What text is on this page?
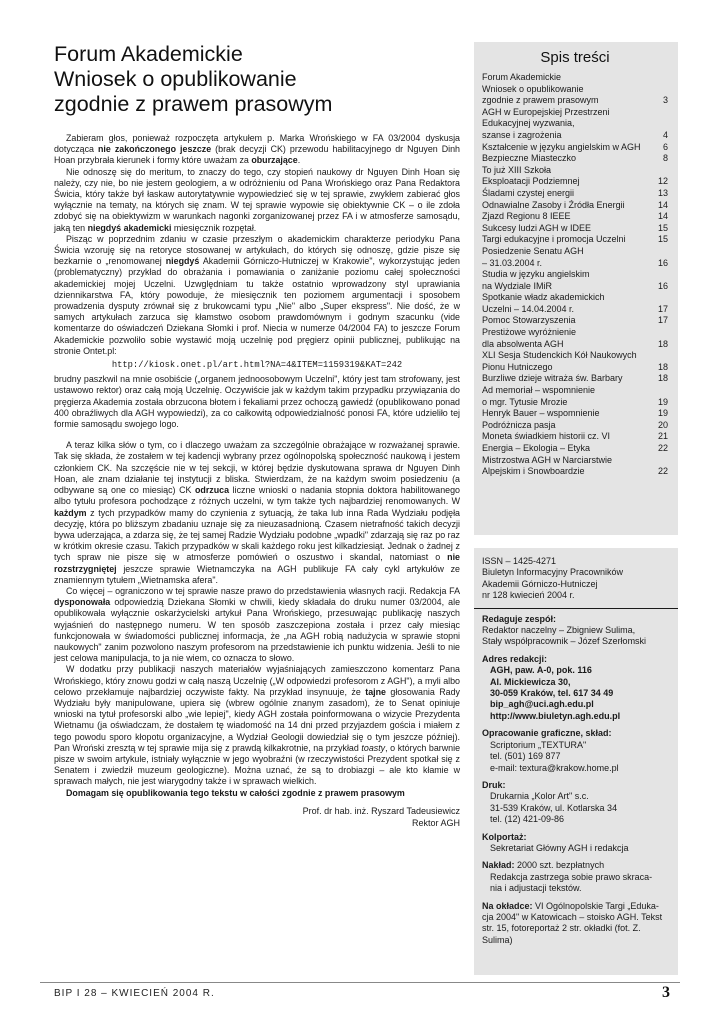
Forum Akademickie
Wniosek o opublikowanie
zgodnie z prawem prasowym

Zabieram głos, ponieważ rozpoczęta artykułem p. Marka Wrońskiego w FA 03/2004 dyskusja dotycząca nie zakończonego jeszcze (brak decyzji CK) przewodu habilitacyjnego dr Nguyen Dinh Hoan przybrała kierunek i formy które uważam za oburzające.

Nie odnoszę się do meritum, to znaczy do tego, czy stopień naukowy dr Nguyen Dinh Hoan się należy, czy nie, bo nie jestem geologiem, a w odróżnieniu od Pana Wrońskiego oraz Pana Redaktora Świcia, który także był łaskaw autorytatywnie wypowiedzieć się w tej sprawie, zwykłem zabierać głos wyłącznie na tematy, na których się znam. W tej sprawie wypowie się obiektywnie CK – o ile zdoła zdobyć się na obiektywizm w warunkach nagonki zorganizowanej przez FA i w atmosferze samosądu, jaką ten niegdyś akademicki miesięcznik rozpętał.

Pisząc w poprzednim zdaniu w czasie przeszłym o akademickim charakterze periodyku Pana Świcia wzoruję się na retoryce stosowanej w artykułach, do których się odnoszę, gdzie pisze się bezkarnie o „renomowanej niegdyś Akademii Górniczo-Hutniczej w Krakowie", wykorzystując jeden (problematyczny) przykład do obrażania i pomawiania o zaniżanie poziomu całej społeczności akademickiej mojej Uczelni. Uzwględniam tu także ostatnio wprowadzony styl uprawiania dziennikarstwa FA, który powoduje, że miesięcznik ten poziomem argumentacji i sposobem prowadzenia dysputy zrównał się z brukowcami typu „Nie" albo „Super ekspress". Nie dość, że w samych artykułach zarzuca się kłamstwo osobom prawdomównym i godnym szacunku (vide komentarze do oświadczeń Dziekana Słomki i prof. Niecia w numerze 04/2004 FA) to jeszcze Forum Akademickie pozwoliło sobie wystawić moją uczelnię pod pręgierz opinii publicznej, publikując na stronie Ontet.pl:

http://kiosk.onet.pl/art.html?NA=4&ITEM=1159319&KAT=242

brudny paszkwil na mnie osobiście („organem jednoosobowym Uczelni", który jest tam strofowany, jest ustawowo rektor) oraz całą moją Uczelnię. Oczywiście jak w każdym takim przypadku przywiązania do pręgierza Akademia została obrzucona błotem i fekaliami przez ochoczą gawiedź (opublikowano ponad 400 obraźliwych dla AGH wypowiedzi), za co całkowitą odpowiedzialność ponosi FA, które udzieliło tej formie samosądu swojego logo.

A teraz kilka słów o tym, co i dlaczego uważam za szczególnie obrażające w rozważanej sprawie. Tak się składa, że zostałem w tej kadencji wybrany przez ogólnopolską społeczność naukową i jestem członkiem CK. Na szczęście nie w tej sekcji, w której będzie dyskutowana sprawa dr Nguyen Dinh Hoan, ale znam działanie tej instytucji z bliska. Stwierdzam, że na każdym swoim posiedzeniu (a odbywane są one co miesiąc) CK odrzuca liczne wnioski o nadania stopnia doktora habilitowanego albo tytułu profesora pochodzące z różnych uczelni, w tym także tych najbardziej renomowanych. W każdym z tych przypadków mamy do czynienia z sytuacją, że taka lub inna Rada Wydziału podjęła decyzję, która po bliższym zbadaniu uznaje się za nieuzasadnioną. Czasem nietrafność takich decyzji bywa uderzająca, a zdarza się, że tej samej Radzie Wydziału podobne „wpadki" zdarzają się raz po raz w krótkim okresie czasu. Takich przypadków w skali każdego roku jest kilkadziesiąt. Jednak o żadnej z tych spraw nie pisze się w atmosferze pomówień o oszustwo i skandal, natomiast o nie rozstrzygniętej jeszcze sprawie Wietnamczyka na AGH publikuje FA cały cykl artykułów ze znamiennym tytułem „Wietnamska afera".

Co więcej – ograniczono w tej sprawie nasze prawo do przedstawienia własnych racji. Redakcja FA dysponowała odpowiedzią Dziekana Słomki w chwili, kiedy składała do druku numer 03/2004, ale opublikowała wyłącznie oskarżycielski artykuł Pana Wrońskiego, przesuwając publikację naszych wyjaśnień do następnego numeru. W ten sposób zaszczepiona została i przez cały miesiąc funkcjonowała w świadomości publicznej informacja, że „na AGH robią nadużycia w sprawie stopni naukowych" zanim pozwolono naszym profesorom na przedstawienie ich punktu widzenia. Jeśli to nie jest celowa manipulacja, to ja nie wiem, co oznacza to słowo.

W dodatku przy publikacji naszych materiałów wyjaśniających zamieszczono komentarz Pana Wrońskiego, który znowu godzi w całą naszą Uczelnię („W odpowiedzi profesorom z AGH"), a myli albo celowo przekłamuje najbardziej oczywiste fakty. Na przykład insynuuje, że tajne głosowania Rady Wydziału były manipulowane, upiera się (wbrew ogólnie znanym zasadom), że to Senat opiniuje wnioski na tytuł profesorski albo „wie lepiej", kiedy AGH została poinformowana o wizycie Prezydenta Wietnamu (ja oświadczam, że dostałem tę wiadomość na 14 dni przed przyjazdem gościa i miałem z tego powodu sporo kłopotu organizacyjne, a Wydział Geologii dowiedział się o tym jeszcze później). Pan Wroński zresztą w tej sprawie mija się z prawdą kilkakrotnie, na przykład toasty, o których barwnie pisze w swoim artykule, istniały wyłącznie w jego wyobraźni (w rzeczywistości Prezydent spotkał się z Senatem i zwiedził muzeum geologiczne). Można uznać, że są to drobiazgi – ale kto kłamie w sprawach małych, nie jest wiarygodny także i w sprawach wielkich.

Domagam się opublikowania tego tekstu w całości zgodnie z prawem prasowym

Prof. dr hab. inż. Ryszard Tadeusiewicz
Rektor AGH
Spis treści
Forum Akademickie
Wniosek o opublikowanie
zgodnie z prawem prasowym	3
AGH w Europejskiej Przestrzeni
Edukacyjnej wyzwania,
szanse i zagrożenia	4
Kształcenie w języku angielskim w AGH	6
Bezpieczne Miasteczko	8
To już XIII Szkoła
Eksploatacji Podziemnej	12
Śladami czystej energii	13
Odnawialne Zasoby i Źródła Energii	14
Zjazd Regionu 8 IEEE	14
Sukcesy ludzi AGH w IDEE	15
Targi edukacyjne i promocja Uczelni	15
Posiedzenie Senatu AGH
– 31.03.2004 r.	16
Studia w języku angielskim
na Wydziale IMiR	16
Spotkanie władz akademickich
Uczelni – 14.04.2004 r.	17
Pomoc Stowarzyszenia	17
Prestiżowe wyróżnienie
dla absolwenta AGH	18
XLI Sesja Studenckich Kół Naukowych
Pionu Hutniczego	18
Burzliwe dzieje witraża św. Barbary	18
Ad memoriał – wspomnienie
o mgr. Tytusie Mrozie	19
Henryk Bauer – wspomnienie	19
Podróżnicza pasja	20
Moneta świadkiem historii cz. VI	21
Energia – Ekologia – Etyka	22
Mistrzostwa AGH w Narciarstwie
Alpejskim i Snowboardzie	22
ISSN – 1425-4271
Biuletyn Informacyjny Pracowników
Akademii Górniczo-Hutniczej
nr 128 kwiecień 2004 r.
Redaguje zespół:
Redaktor naczelny – Zbigniew Sulima,
Stały współpracownik – Józef Szerłomski
Adres redakcji:
AGH, paw. A-0, pok. 116
Al. Mickiewicza 30,
30-059 Kraków, tel. 617 34 49
bip_agh@uci.agh.edu.pl
http://www.biuletyn.agh.edu.pl
Opracowanie graficzne, skład:
Scriptorium „TEXTURA"
tel. (501) 169 877
e-mail: textura@krakow.home.pl
Druk:
Drukarnia „Kolor Art" s.c.
31-539 Kraków, ul. Kotlarska 34
tel. (12) 421-09-86
Kolportaż:
Sekretariat Główny AGH i redakcja
Nakład: 2000 szt. bezpłatnych
Redakcja zastrzega sobie prawo skraca-
nia i adjustacji tekstów.
Na okładce: VI Ogólnopolskie Targi „Eduka-
cja 2004" w Katowicach – stoisko AGH. Tekst
str. 15, fotoreportaż 2 str. okładki (fot. Z. Sulima)
BIP I 28 – KWIECIEŃ 2004 R.	3
